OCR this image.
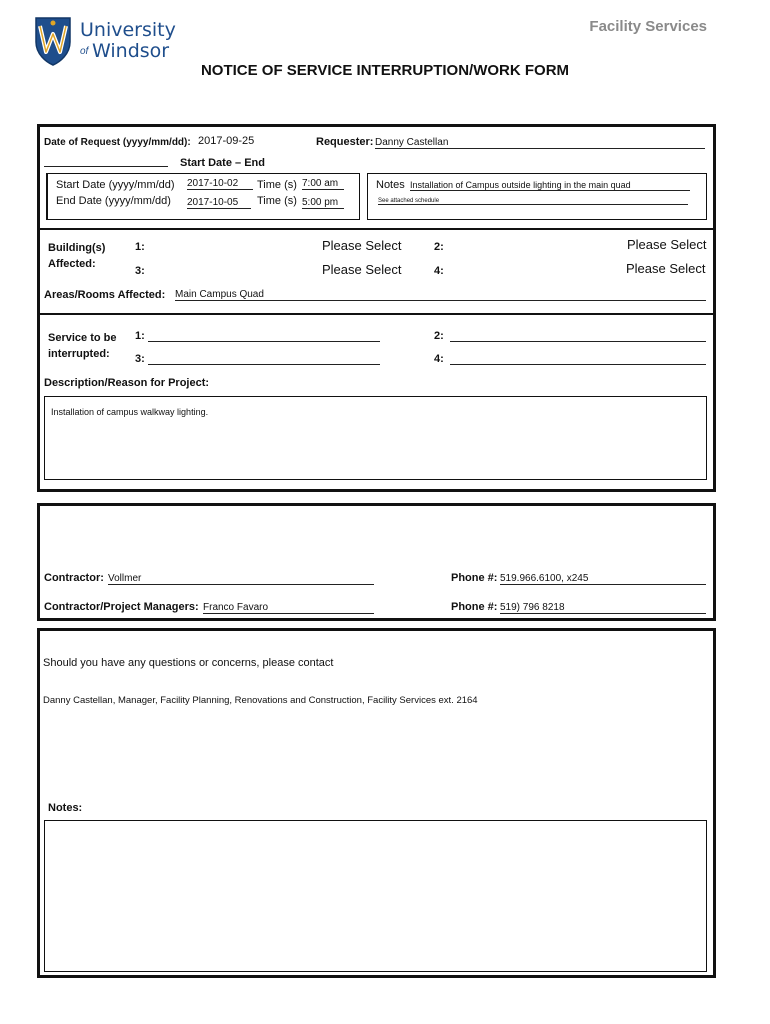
University
of Windsor
Facility Services
NOTICE OF SERVICE INTERRUPTION/WORK FORM
Date of Request (yyyy/mm/dd): 2017-09-25	Requester: Danny Castellan
Start Date – End
Start Date (yyyy/mm/dd) 2017-10-02	Time (s) 7:00 am
End Date (yyyy/mm/dd) 2017-10-05	Time (s) 5:00 pm
Notes Installation of Campus outside lighting in the main quad
See attached schedule
Building(s)
Affected:
1:	Please Select	2:	Please Select
3:	Please Select	4:	Please Select
Areas/Rooms Affected: Main Campus Quad
Service to be
interrupted:
1:	2:
3:	4:
Description/Reason for Project:
Installation of campus walkway lighting.
Contractor: Vollmer	Phone #: 519.966.6100, x245
Contractor/Project Managers: Franco Favaro	Phone #: 519) 796 8218
Should you have any questions or concerns, please contact
Danny Castellan, Manager, Facility Planning, Renovations and Construction, Facility Services ext. 2164
Notes:
